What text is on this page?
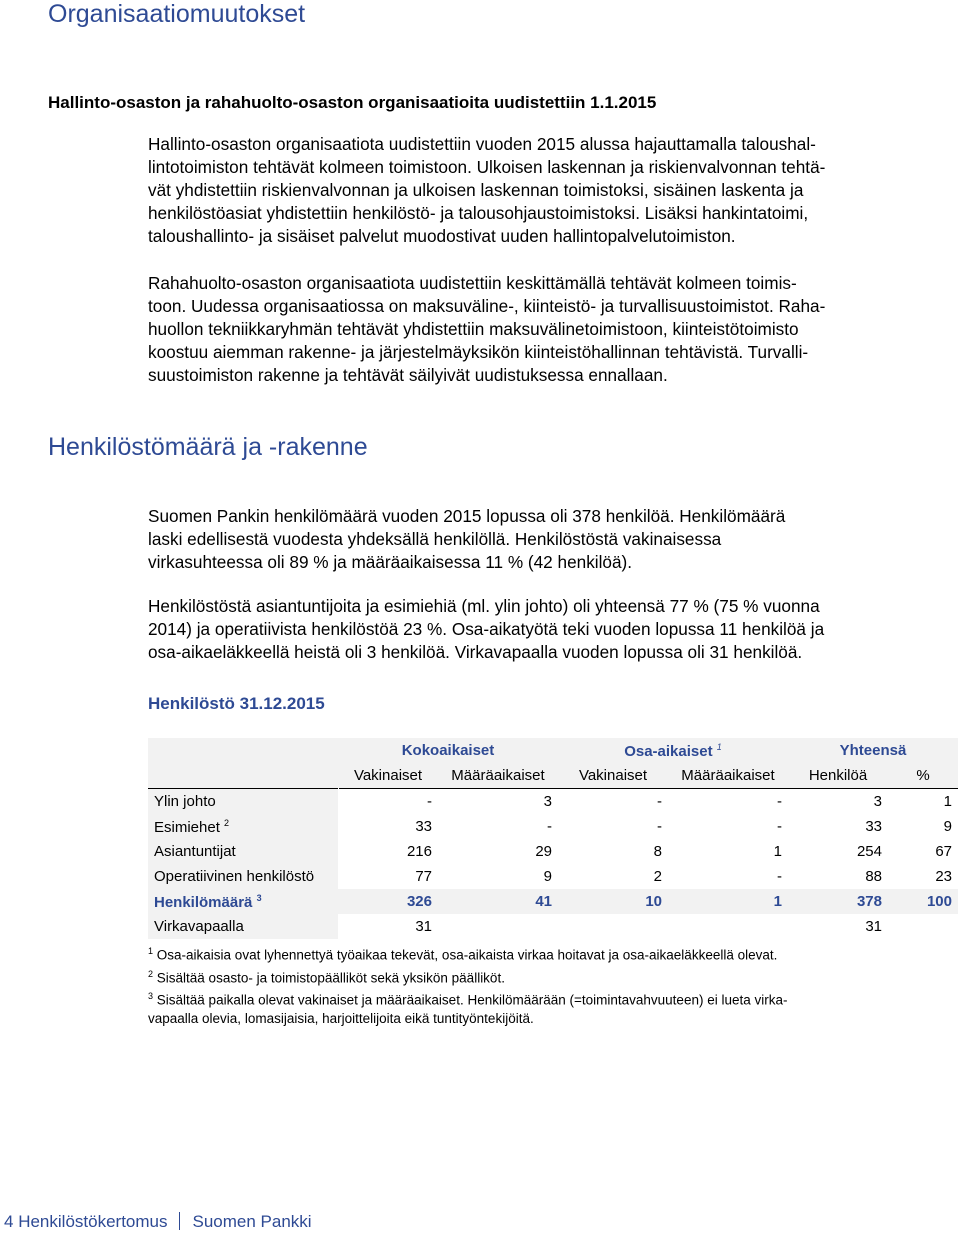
Organisaatiomuutokset

Hallinto-osaston ja rahahuolto-osaston organisaatioita uudistettiin 1.1.2015

Hallinto-osaston organisaatiota uudistettiin vuoden 2015 alussa hajauttamalla taloushal-
lintotoimiston tehtävät kolmeen toimistoon. Ulkoisen laskennan ja riskienvalvonnan tehtä-
vät yhdistettiin riskienvalvonnan ja ulkoisen laskennan toimistoksi, sisäinen laskenta ja
henkilöstöasiat yhdistettiin henkilöstö- ja talousohjaustoimistoksi. Lisäksi hankintatoimi,
taloushallinto- ja sisäiset palvelut muodostivat uuden hallintopalvelutoimiston.
Rahahuolto-osaston organisaatiota uudistettiin keskittämällä tehtävät kolmeen toimis-
toon. Uudessa organisaatiossa on maksuväline-, kiinteistö- ja turvallisuustoimistot. Raha-
huollon tekniikkaryhmän tehtävät yhdistettiin maksuvälinetoimistoon, kiinteistötoimisto
koostuu aiemman rakenne- ja järjestelmäyksikön kiinteistöhallinnan tehtävistä. Turvalli-
suustoimiston rakenne ja tehtävät säilyivät uudistuksessa ennallaan.
Henkilöstömäärä ja -rakenne
Suomen Pankin henkilömäärä vuoden 2015 lopussa oli 378 henkilöä. Henkilömäärä
laski edellisestä vuodesta yhdeksällä henkilöllä. Henkilöstöstä vakinaisessa
virkasuhteessa oli 89 % ja määräaikaisessa 11 % (42 henkilöä).
Henkilöstöstä asiantuntijoita ja esimiehiä (ml. ylin johto) oli yhteensä 77 % (75 % vuonna
2014) ja operatiivista henkilöstöä 23 %. Osa-aikatyötä teki vuoden lopussa 11 henkilöä ja
osa-aikaeläkkeellä heistä oli 3 henkilöä. Virkavapaalla vuoden lopussa oli 31 henkilöä.

Henkilöstö 31.12.2015

	Kokoaikaiset		Osa-aikaiset $^1$		Yhteensä	
	Vakinaiset	Määräaikaiset	Vakinaiset	Määräaikaiset	Henkilöä	%
Ylin johto	-	3	-	-	3	1
Esimiehet $^2$	33	-	-	-	33	9
Asiantuntijat	216	29	8	1	254	67
Operatiivinen henkilöstö	77	9	2	-	88	23
Henkilömäärä $^3$	326	41	10	1	378	100
Virkavapaalla	31				31	
$^1$ Osa-aikaisia ovat lyhennettyä työaikaa tekevät, osa-aikaista virkaa hoitavat ja osa-aikaeläkkeellä olevat.
$^2$ Sisältää osasto- ja toimistopäälliköt sekä yksikön päälliköt.
$^3$ Sisältää paikalla olevat vakinaiset ja määräaikaiset. Henkilömäärään (=toimintavahvuuteen) ei lueta virka-
vapaalla olevia, lomasijaisia, harjoittelijoita eikä tuntityöntekijöitä.

4 Henkilöstökertomus Suomen Pankki
